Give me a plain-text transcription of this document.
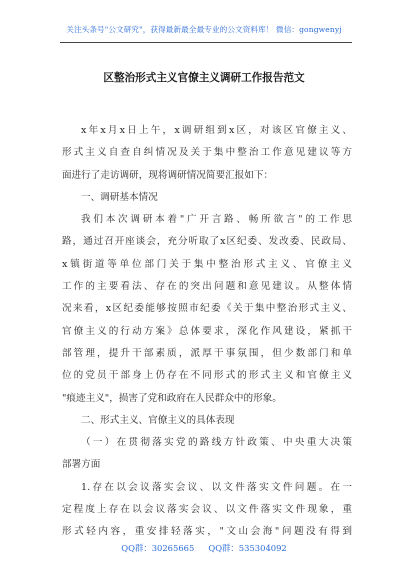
关注头条号"公文研究"，获得最新最全最专业的公文资料库！ 微信：gongwenyj
区整治形式主义官僚主义调研工作报告范文
x年x月x日上午，x调研组到x区，对该区官僚主义、
形式主义自查自纠情况及关于集中整治工作意见建议等方
面进行了走访调研，现将调研情况简要汇报如下：
一、调研基本情况
我们本次调研本着"广开言路、畅所欲言"的工作思
路，通过召开座谈会，充分听取了x区纪委、发改委、民政局、
x镇街道等单位部门关于集中整治形式主义、官僚主义
工作的主要看法、存在的突出问题和意见建议。从整体情
况来看，x区纪委能够按照市纪委《关于集中整治形式主义、
官僚主义的行动方案》总体要求，深化作风建设，紧抓干
部管理，提升干部素质，派厚干事氛围，但少数部门和单
位的党员干部身上仍存在不同形式的形式主义和官僚主义
"痕迹主义"，损害了党和政府在人民群众中的形象。
二、形式主义、官僚主义的具体表现
（一）在贯彻落实党的路线方针政策、中央重大决策
部署方面
1.存在以会议落实会议、以文件落实文件问题。在一
定程度上存在以会议落实会议、以文件落实文件现象，重
形式轻内容，重安排轻落实，"文山会海"问题没有得到
QQ群：30265665 QQ群：535304092
